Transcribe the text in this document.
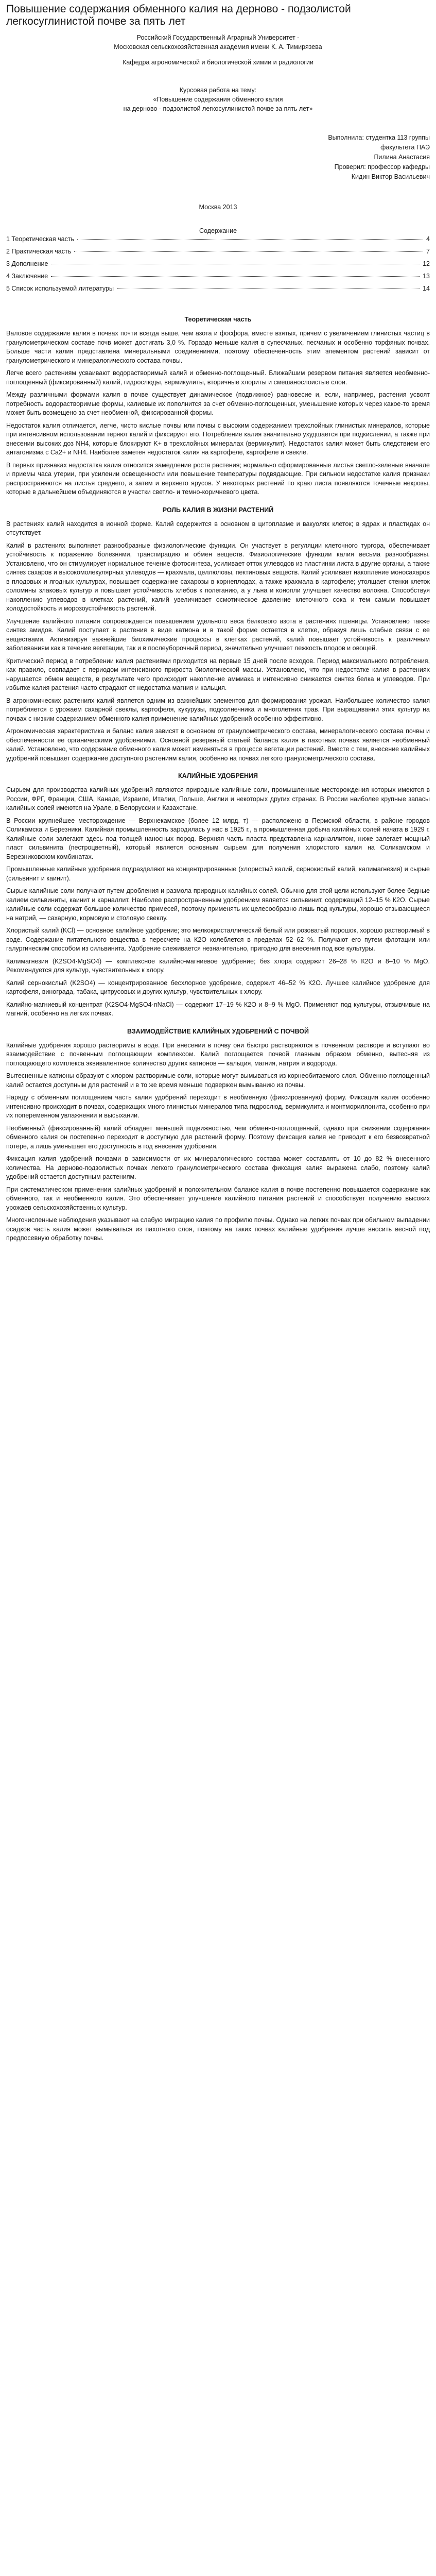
Повышение содержания обменного калия на дерново - подзолистой легкосуглинистой почве за пять лет
Российский Государственный Аграрный Университет -
Московская сельскохозяйственная академия имени К. А. Тимирязева
Кафедра агрономической и биологической химии и радиологии
Курсовая работа на тему:
«Повышение содержания обменного калия
на дерново - подзолистой легкосуглинистой почве за пять лет»
Выполнила: студентка 113 группы
факультета ПАЭ
Пилина Анастасия
Проверил: профессор кафедры
Кидин Виктор Васильевич
Москва 2013
Содержание
1 Теоретическая часть	4
2 Практическая часть	7
3 Дополнение	12
4 Заключение	13
5 Список используемой литературы	14
Теоретическая часть

Валовое содержание калия в почвах почти всегда выше, чем азота и фосфора, вместе взятых, причем с увеличением глинистых частиц в гранулометрическом составе почв может достигать 3,0 %. Гораздо меньше калия в супесчаных, песчаных и особенно торфяных почвах. Больше части калия представлена минеральными соединениями, поэтому обеспеченность этим элементом растений зависит от гранулометрического и минералогического состава почвы.

Легче всего растениям усваивают водорастворимый калий и обменно-поглощенный. Ближайшим резервом питания является необменно-поглощенный (фиксированный) калий, гидрослюды, вермикулиты, вторичные хлориты и смешанослоистые слои.

Между различными формами калия в почве существует динамическое (подвижное) равновесие и, если, например, растения усвоят потребность водорастворимые формы, калиевые их пополнится за счет обменно-поглощенных, уменьшение которых через какое-то время может быть возмещено за счет необменной, фиксированной формы.

Недостаток калия отличается, легче, чисто кислые почвы или почвы с высоким содержанием трехслойных глинистых минералов, которые при интенсивном использовании теряют калий и фиксируют его. Потребление калия значительно ухудшается при подкислении, а также при внесении высоких доз NH4, которые блокируют K+ в трехслойных минералах (вермикулит). Недостаток калия может быть следствием его антагонизма с Ca2+ и NH4. Наиболее заметен недостаток калия на картофеле, картофеле и свекле.

В первых признаках недостатка калия относится замедление роста растения; нормально сформированные листья светло-зеленые вначале и приемы часа утерии, при усилении освещенности или повышение температуры подвядающие. При сильном недостатке калия признаки распространяются на листья среднего, а затем и верхнего ярусов. У некоторых растений по краю листа появляются точечные некрозы, которые в дальнейшем объединяются в участки светло- и темно-коричневого цвета.

РОЛЬ КАЛИЯ В ЖИЗНИ РАСТЕНИЙ

В растениях калий находится в ионной форме. Калий содержится в основном в цитоплазме и вакуолях клеток; в ядрах и пластидах он отсутствует.

Калий в растениях выполняет разнообразные физиологические функции. Он участвует в регуляции клеточного тургора, обеспечивает устойчивость к поражению болезнями, транспирацию и обмен веществ. Физиологические функции калия весьма разнообразны. Установлено, что он стимулирует нормальное течение фотосинтеза, усиливает отток углеводов из пластинки листа в другие органы, а также синтез сахаров и высокомолекулярных углеводов — крахмала, целлюлозы, пектиновых веществ. Калий усиливает накопление моносахаров в плодовых и ягодных культурах, повышает содержание сахарозы в корнеплодах, а также крахмала в картофеле; утолщает стенки клеток соломины злаковых культур и повышает устойчивость хлебов к полеганию, а у льна и конопли улучшает качество волокна. Способствуя накоплению углеводов в клетках растений, калий увеличивает осмотическое давление клеточного сока и тем самым повышает холодостойкость и морозоустойчивость растений.

Улучшение калийного питания сопровождается повышением удельного веса белкового азота в растениях пшеницы. Установлено также синтез амидов. Калий поступает в растения в виде катиона и в такой форме остается в клетке, образуя лишь слабые связи с ее веществами. Активизируя важнейшие биохимические процессы в клетках растений, калий повышает устойчивость к различным заболеваниям как в течение вегетации, так и в послеуборочный период, значительно улучшает лежкость плодов и овощей.

Критический период в потреблении калия растениями приходится на первые 15 дней после всходов. Период максимального потребления, как правило, совпадает с периодом интенсивного прироста биологической массы. Установлено, что при недостатке калия в растениях нарушается обмен веществ, в результате чего происходит накопление аммиака и интенсивно снижается синтез белка и углеводов. При избытке калия растения часто страдают от недостатка магния и кальция.

В агрономических растениях калий является одним из важнейших элементов для формирования урожая. Наибольшее количество калия потребляется с урожаем сахарной свеклы, картофеля, кукурузы, подсолнечника и многолетних трав. При выращивании этих культур на почвах с низким содержанием обменного калия применение калийных удобрений особенно эффективно.

Агрономическая характеристика и баланс калия зависят в основном от гранулометрического состава, минералогического состава почвы и обеспеченности ее органическими удобрениями. Основной резервный статьей баланса калия в пахотных почвах является необменный калий. Установлено, что содержание обменного калия может изменяться в процессе вегетации растений. Вместе с тем, внесение калийных удобрений повышает содержание доступного растениям калия, особенно на почвах легкого гранулометрического состава.

КАЛИЙНЫЕ УДОБРЕНИЯ

Сырьем для производства калийных удобрений являются природные калийные соли, промышленные месторождения которых имеются в России, ФРГ, Франции, США, Канаде, Израиле, Италии, Польше, Англии и некоторых других странах. В России наиболее крупные запасы калийных солей имеются на Урале, в Белоруссии и Казахстане.

В России крупнейшее месторождение — Верхнекамское (более 12 млрд. т) — расположено в Пермской области, в районе городов Соликамска и Березники. Калийная промышленность зародилась у нас в 1925 г., а промышленная добыча калийных солей начата в 1929 г. Калийные соли залегают здесь под толщей наносных пород. Верхняя часть пласта представлена карналлитом, ниже залегает мощный пласт сильвинита (пестроцветный), который является основным сырьем для получения хлористого калия на Соликамском и Березниковском комбинатах.

Промышленные калийные удобрения подразделяют на концентрированные (хлористый калий, сернокислый калий, калимагнезия) и сырые (сильвинит и каинит).

Сырые калийные соли получают путем дробления и размола природных калийных солей. Обычно для этой цели используют более бедные калием сильвиниты, каинит и карналлит. Наиболее распространенным удобрением является сильвинит, содержащий 12–15 % К2О. Сырые калийные соли содержат большое количество примесей, поэтому применять их целесообразно лишь под культуры, хорошо отзывающиеся на натрий, — сахарную, кормовую и столовую свеклу.

Хлористый калий (KCl) — основное калийное удобрение; это мелкокристаллический белый или розоватый порошок, хорошо растворимый в воде. Содержание питательного вещества в пересчете на К2О колеблется в пределах 52–62 %. Получают его путем флотации или галургическим способом из сильвинита. Удобрение слеживается незначительно, пригодно для внесения под все культуры.

Калимагнезия (K2SO4·MgSO4) — комплексное калийно-магниевое удобрение; без хлора содержит 26–28 % К2О и 8–10 % MgO. Рекомендуется для культур, чувствительных к хлору.

Калий сернокислый (K2SO4) — концентрированное бесхлорное удобрение, содержит 46–52 % К2О. Лучшее калийное удобрение для картофеля, винограда, табака, цитрусовых и других культур, чувствительных к хлору.

Калийно-магниевый концентрат (K2SO4·MgSO4·nNaCl) — содержит 17–19 % К2О и 8–9 % MgO. Применяют под культуры, отзывчивые на магний, особенно на легких почвах.

ВЗАИМОДЕЙСТВИЕ КАЛИЙНЫХ УДОБРЕНИЙ С ПОЧВОЙ

Калийные удобрения хорошо растворимы в воде. При внесении в почву они быстро растворяются в почвенном растворе и вступают во взаимодействие с почвенным поглощающим комплексом. Калий поглощается почвой главным образом обменно, вытесняя из поглощающего комплекса эквивалентное количество других катионов — кальция, магния, натрия и водорода.

Вытесненные катионы образуют с хлором растворимые соли, которые могут вымываться из корнеобитаемого слоя. Обменно-поглощенный калий остается доступным для растений и в то же время меньше подвержен вымыванию из почвы.

Наряду с обменным поглощением часть калия удобрений переходит в необменную (фиксированную) форму. Фиксация калия особенно интенсивно происходит в почвах, содержащих много глинистых минералов типа гидрослюд, вермикулита и монтмориллонита, особенно при их попеременном увлажнении и высыхании.

Необменный (фиксированный) калий обладает меньшей подвижностью, чем обменно-поглощенный, однако при снижении содержания обменного калия он постепенно переходит в доступную для растений форму. Поэтому фиксация калия не приводит к его безвозвратной потере, а лишь уменьшает его доступность в год внесения удобрения.

Фиксация калия удобрений почвами в зависимости от их минералогического состава может составлять от 10 до 82 % внесенного количества. На дерново-подзолистых почвах легкого гранулометрического состава фиксация калия выражена слабо, поэтому калий удобрений остается доступным растениям.

При систематическом применении калийных удобрений и положительном балансе калия в почве постепенно повышается содержание как обменного, так и необменного калия. Это обеспечивает улучшение калийного питания растений и способствует получению высоких урожаев сельскохозяйственных культур.

Многочисленные наблюдения указывают на слабую миграцию калия по профилю почвы. Однако на легких почвах при обильном выпадении осадков часть калия может вымываться из пахотного слоя, поэтому на таких почвах калийные удобрения лучше вносить весной под предпосевную обработку почвы.
